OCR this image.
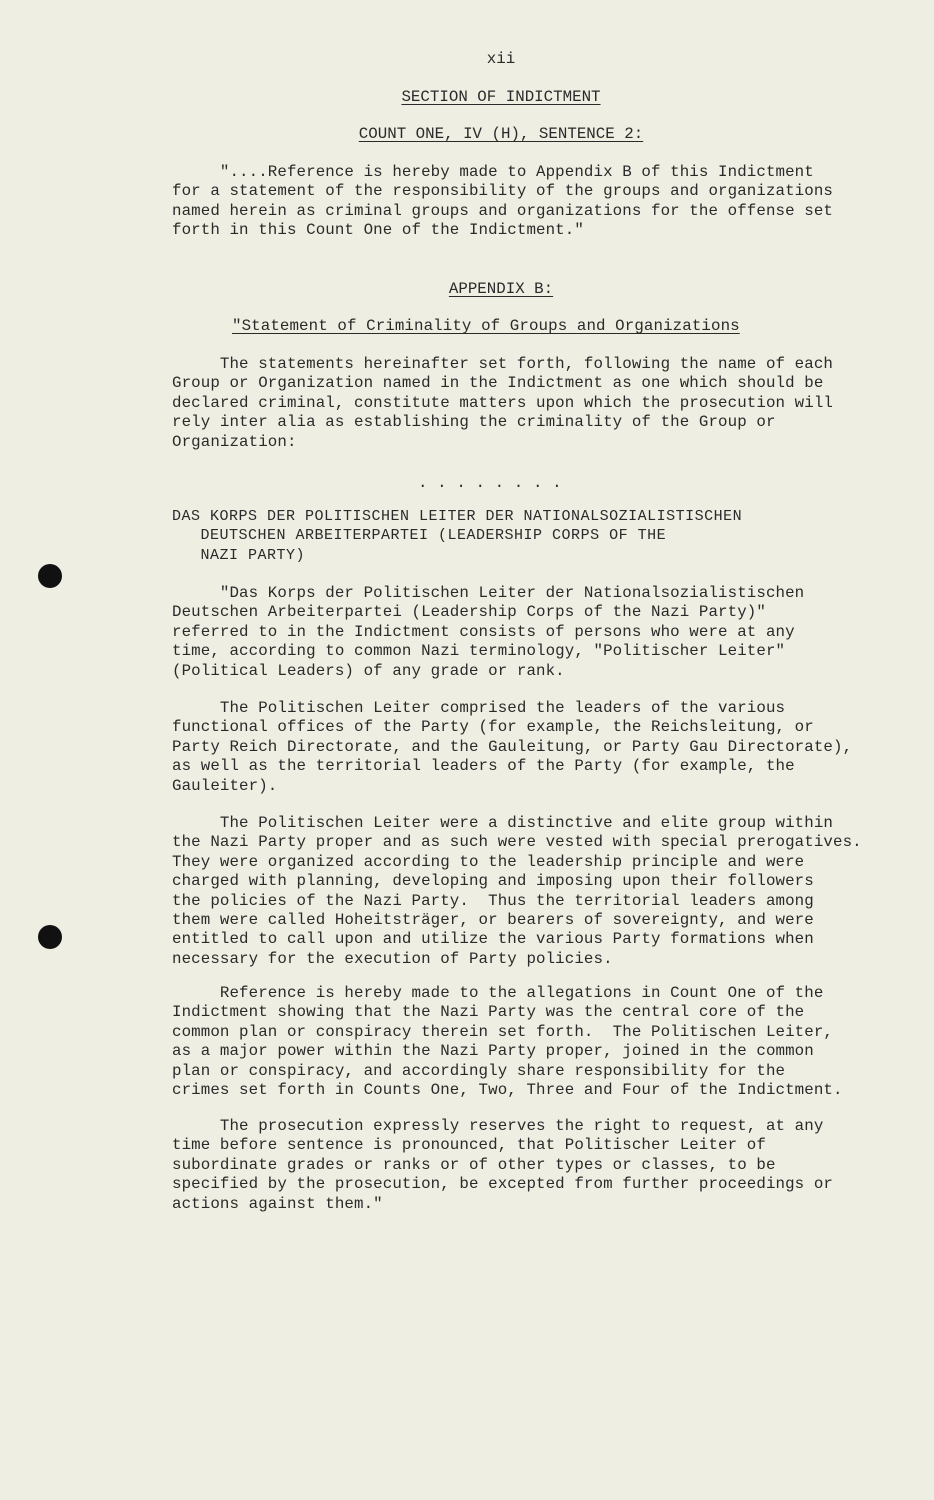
xii
SECTION OF INDICTMENT
COUNT ONE, IV (H), SENTENCE 2:
"....Reference is hereby made to Appendix B of this Indictment
for a statement of the responsibility of the groups and organizations
named herein as criminal groups and organizations for the offense set
forth in this Count One of the Indictment."
APPENDIX B:
"Statement of Criminality of Groups and Organizations
The statements hereinafter set forth, following the name of each
Group or Organization named in the Indictment as one which should be
declared criminal, constitute matters upon which the prosecution will
rely inter alia as establishing the criminality of the Group or
Organization:
. . . . . . . .
DAS KORPS DER POLITISCHEN LEITER DER NATIONALSOZIALISTISCHEN
DEUTSCHEN ARBEITERPARTEI (LEADERSHIP CORPS OF THE
NAZI PARTY)
"Das Korps der Politischen Leiter der Nationalsozialistischen
Deutschen Arbeiterpartei (Leadership Corps of the Nazi Party)"
referred to in the Indictment consists of persons who were at any
time, according to common Nazi terminology, "Politischer Leiter"
(Political Leaders) of any grade or rank.
The Politischen Leiter comprised the leaders of the various
functional offices of the Party (for example, the Reichsleitung, or
Party Reich Directorate, and the Gauleitung, or Party Gau Directorate),
as well as the territorial leaders of the Party (for example, the
Gauleiter).
The Politischen Leiter were a distinctive and elite group within
the Nazi Party proper and as such were vested with special prerogatives.
They were organized according to the leadership principle and were
charged with planning, developing and imposing upon their followers
the policies of the Nazi Party.  Thus the territorial leaders among
them were called Hoheitsträger, or bearers of sovereignty, and were
entitled to call upon and utilize the various Party formations when
necessary for the execution of Party policies.
Reference is hereby made to the allegations in Count One of the
Indictment showing that the Nazi Party was the central core of the
common plan or conspiracy therein set forth.  The Politischen Leiter,
as a major power within the Nazi Party proper, joined in the common
plan or conspiracy, and accordingly share responsibility for the
crimes set forth in Counts One, Two, Three and Four of the Indictment.
The prosecution expressly reserves the right to request, at any
time before sentence is pronounced, that Politischer Leiter of
subordinate grades or ranks or of other types or classes, to be
specified by the prosecution, be excepted from further proceedings or
actions against them."
